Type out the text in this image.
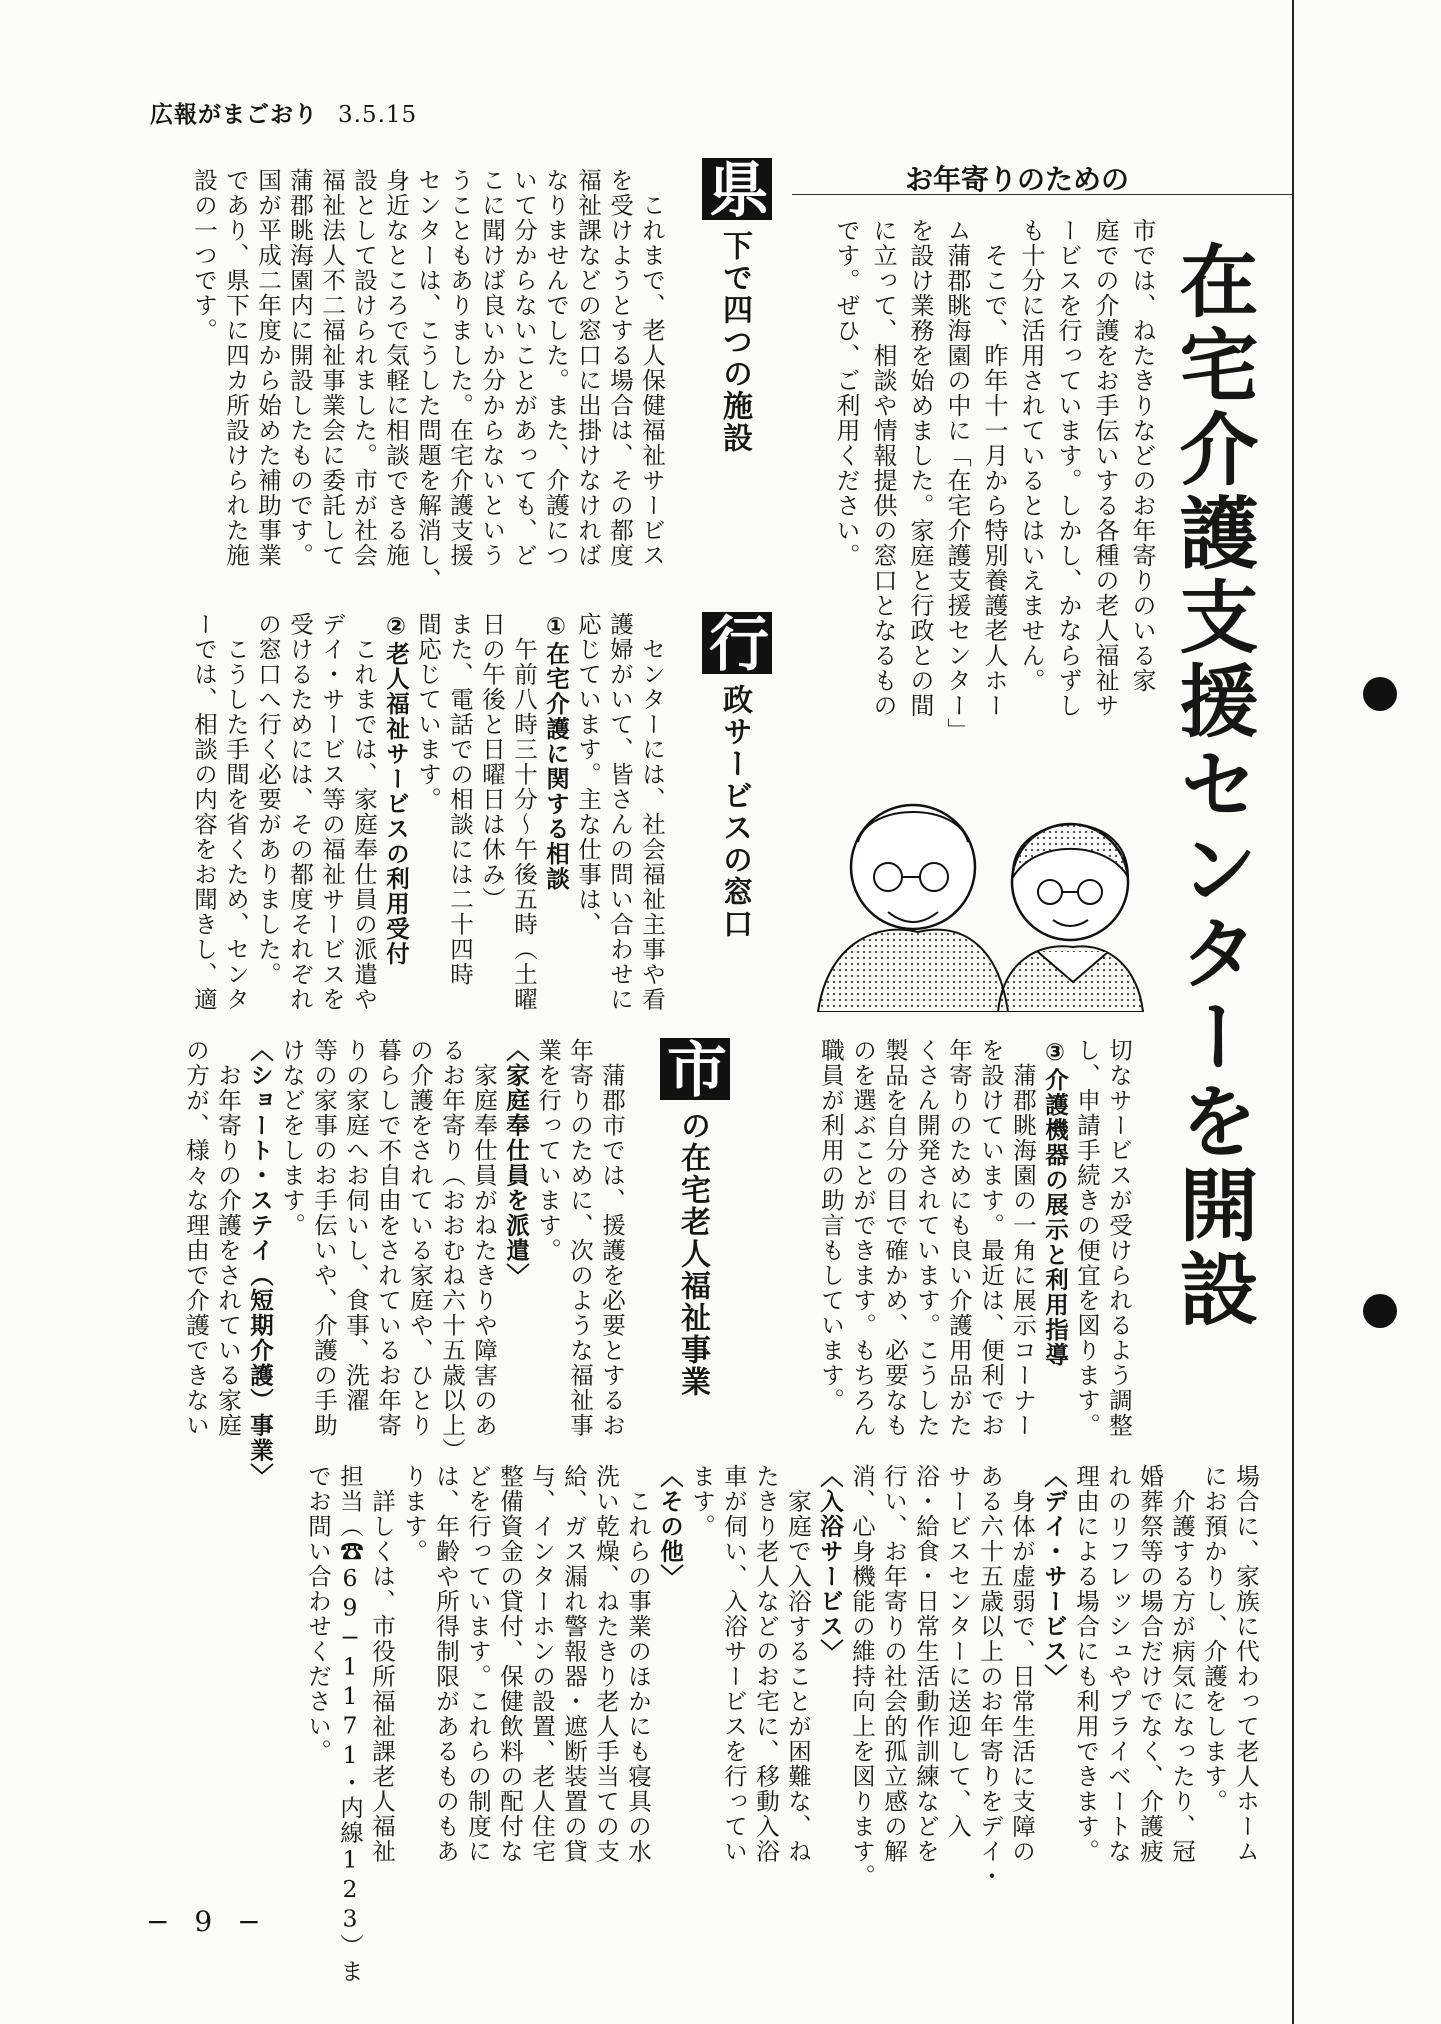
広報がまごおり 3.5.15
お年寄りのための
在宅介護支援センターを開設

市では、ねたきりなどのお年寄りのいる家
庭での介護をお手伝いする各種の老人福祉サ
ービスを行っています。しかし、かならずし
も十分に活用されているとはいえません。
　そこで、昨年十一月から特別養護老人ホー
ム蒲郡眺海園の中に「在宅介護支援センター」
を設け業務を始めました。家庭と行政との間
に立って、相談や情報提供の窓口となるもの
です。ぜひ、ご利用ください。

県下で四つの施設
　これまで、老人保健福祉サービス
を受けようとする場合は、その都度
福祉課などの窓口に出掛けなければ
なりませんでした。また、介護につ
いて分からないことがあっても、ど
こに聞けば良いか分からないという
うこともありました。在宅介護支援
センターは、こうした問題を解消し、
身近なところで気軽に相談できる施
設として設けられました。市が社会
福祉法人不二福祉事業会に委託して
蒲郡眺海園内に開設したものです。
国が平成二年度から始めた補助事業
であり、県下に四カ所設けられた施
設の一つです。
行政サービスの窓口
　センターには、社会福祉主事や看
護婦がいて、皆さんの問い合わせに
応じています。主な仕事は、
①在宅介護に関する相談
　午前八時三十分〜午後五時（土曜
日の午後と日曜日は休み）
また、電話での相談には二十四時
間応じています。
②老人福祉サービスの利用受付
　これまでは、家庭奉仕員の派遣や
デイ・サービス等の福祉サービスを
受けるためには、その都度それぞれ
の窓口へ行く必要がありました。
　こうした手間を省くため、センタ
ーでは、相談の内容をお聞きし、適
切なサービスが受けられるよう調整
し、申請手続きの便宜を図ります。
③介護機器の展示と利用指導
　蒲郡眺海園の一角に展示コーナー
を設けています。最近は、便利でお
年寄りのためにも良い介護用品がた
くさん開発されています。こうした
製品を自分の目で確かめ、必要なも
のを選ぶことができます。もちろん
職員が利用の助言もしています。
市の在宅老人福祉事業
　蒲郡市では、援護を必要とするお
年寄りのために、次のような福祉事
業を行っています。
〈家庭奉仕員を派遣〉
　家庭奉仕員がねたきりや障害のあ
るお年寄り（おおむね六十五歳以上）
の介護をされている家庭や、ひとり
暮らしで不自由をされているお年寄
りの家庭へお伺いし、食事、洗濯
等の家事のお手伝いや、介護の手助
けなどをします。
〈ショート・ステイ（短期介護）事業〉
　お年寄りの介護をされている家庭
の方が、様々な理由で介護できない
場合に、家族に代わって老人ホーム
にお預かりし、介護をします。
　介護する方が病気になったり、冠
婚葬祭等の場合だけでなく、介護疲
れのリフレッシュやプライベートな
理由による場合にも利用できます。
〈デイ・サービス〉
　身体が虚弱で、日常生活に支障の
ある六十五歳以上のお年寄りをデイ・
サービスセンターに送迎して、入
浴・給食・日常生活動作訓練などを
行い、お年寄りの社会的孤立感の解
消、心身機能の維持向上を図ります。
〈入浴サービス〉
　家庭で入浴することが困難な、ね
たきり老人などのお宅に、移動入浴
車が伺い、入浴サービスを行ってい
ます。
〈その他〉
　これらの事業のほかにも寝具の水
洗い乾燥、ねたきり老人手当ての支
給、ガス漏れ警報器・遮断装置の貸
与、インターホンの設置、老人住宅
整備資金の貸付、保健飲料の配付な
どを行っています。これらの制度に
は、年齢や所得制限があるものもあ
ります。
　詳しくは、市役所福祉課老人福祉
担当（☎69−1171・内線123）ま
でお問い合わせください。
− 9 −
